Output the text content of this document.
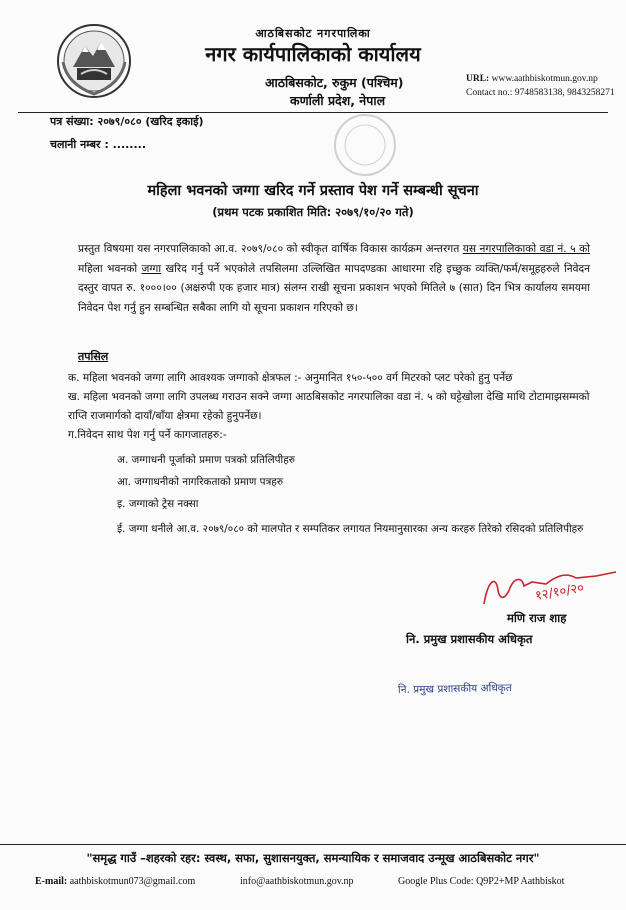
आठबिसकोट नगरपालिका
नगर कार्यपालिकाको कार्यालय
आठबिसकोट, रुकुम (पश्चिम)
कर्णाली प्रदेश, नेपाल
URL: www.aathbiskotmun.gov.np
Contact no.: 9748583138, 9843258271
पत्र संख्या: २०७९/०८० (खरिद इकाई)
चलानी नम्बर : ........
महिला भवनको जग्गा खरिद गर्ने प्रस्ताव पेश गर्ने सम्बन्धी सूचना
(प्रथम पटक प्रकाशित मिति: २०७९/१०/२० गते)
प्रस्तुत विषयमा यस नगरपालिकाको आ.व. २०७९/०८० को स्वीकृत वार्षिक विकास कार्यक्रम अन्तरगत यस नगरपालिकाको वडा नं. ५ को महिला भवनको जग्गा खरिद गर्नु पर्ने भएकोले तपसिलमा उल्लिखित मापदण्डका आधारमा रहि इच्छुक व्यक्ति/फर्म/समूहहरुले निवेदन दस्तुर वापत रु. १०००।०० (अक्षरुपी एक हजार मात्र) संलग्न राखी सूचना प्रकाशन भएको मितिले ७ (सात) दिन भित्र कार्यालय समयमा निवेदन पेश गर्नु हुन सम्बन्धित सबैका लागि यो सूचना प्रकाशन गरिएको छ।
तपसिल
क. महिला भवनको जग्गा लागि आवश्यक जग्गाको क्षेत्रफल :- अनुमानित १५०-५०० वर्ग मिटरको प्लट परेको हुनु पर्नेछ
ख. महिला भवनको जग्गा लागि उपलब्ध गराउन सक्ने जग्गा आठबिसकोट नगरपालिका वडा नं. ५ को घट्टेखोला देखि माथि टोटामाझसम्मको राप्ति राजमार्गको दायाँ/बाँया क्षेत्रमा रहेको हुनुपर्नेछ।
ग.निवेदन साथ पेश गर्नु पर्ने कागजातहरु:-
अ. जग्गाधनी पूर्जाको प्रमाण पत्रको प्रतिलिपीहरु
आ. जग्गाधनीको नागरिकताको प्रमाण पत्रहरु
इ. जग्गाको ट्रेस नक्सा
ई. जग्गा धनीले आ.व. २०७९/०८० को मालपोत र सम्पतिकर लगायत नियमानुसारका अन्य करहरु तिरेको रसिदको प्रतिलिपीहरु
१२/१०/२०
मणि राज शाह
नि. प्रमुख प्रशासकीय अधिकृत
नि. प्रमुख प्रशासकीय अधिकृत
"समृद्ध गाउँ –शहरको रहर: स्वस्थ, सफा, सुशासनयुक्त, समन्यायिक र समाजवाद उन्मूख आठबिसकोट नगर"
E-mail: aathbiskotmun073@gmail.com	info@aathbiskotmun.gov.np	Google Plus Code: Q9P2+MP Aathbiskot
